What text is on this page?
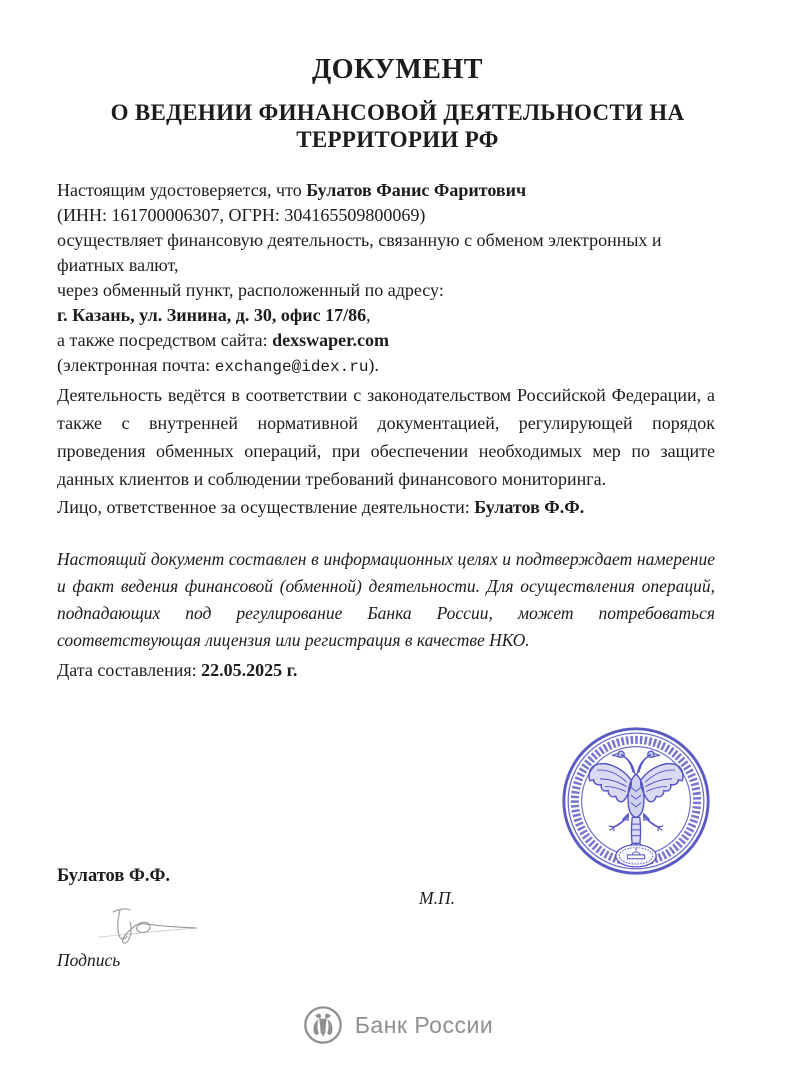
ДОКУМЕНТ
О ВЕДЕНИИ ФИНАНСОВОЙ ДЕЯТЕЛЬНОСТИ НА ТЕРРИТОРИИ РФ
Настоящим удостоверяется, что Булатов Фанис Фаритович
(ИНН: 161700006307, ОГРН: 304165509800069)
осуществляет финансовую деятельность, связанную с обменом электронных и фиатных валют,
через обменный пункт, расположенный по адресу:
г. Казань, ул. Зинина, д. 30, офис 17/86,
а также посредством сайта: dexswaper.com
(электронная почта: exchange@idex.ru).
Деятельность ведётся в соответствии с законодательством Российской Федерации, а также с внутренней нормативной документацией, регулирующей порядок проведения обменных операций, при обеспечении необходимых мер по защите данных клиентов и соблюдении требований финансового мониторинга.
Лицо, ответственное за осуществление деятельности: Булатов Ф.Ф.
Настоящий документ составлен в информационных целях и подтверждает намерение и факт ведения финансовой (обменной) деятельности. Для осуществления операций, подпадающих под регулирование Банка России, может потребоваться соответствующая лицензия или регистрация в качестве НКО.
Дата составления: 22.05.2025 г.
Булатов Ф.Ф.
М.П.
Подпись
Банк России
